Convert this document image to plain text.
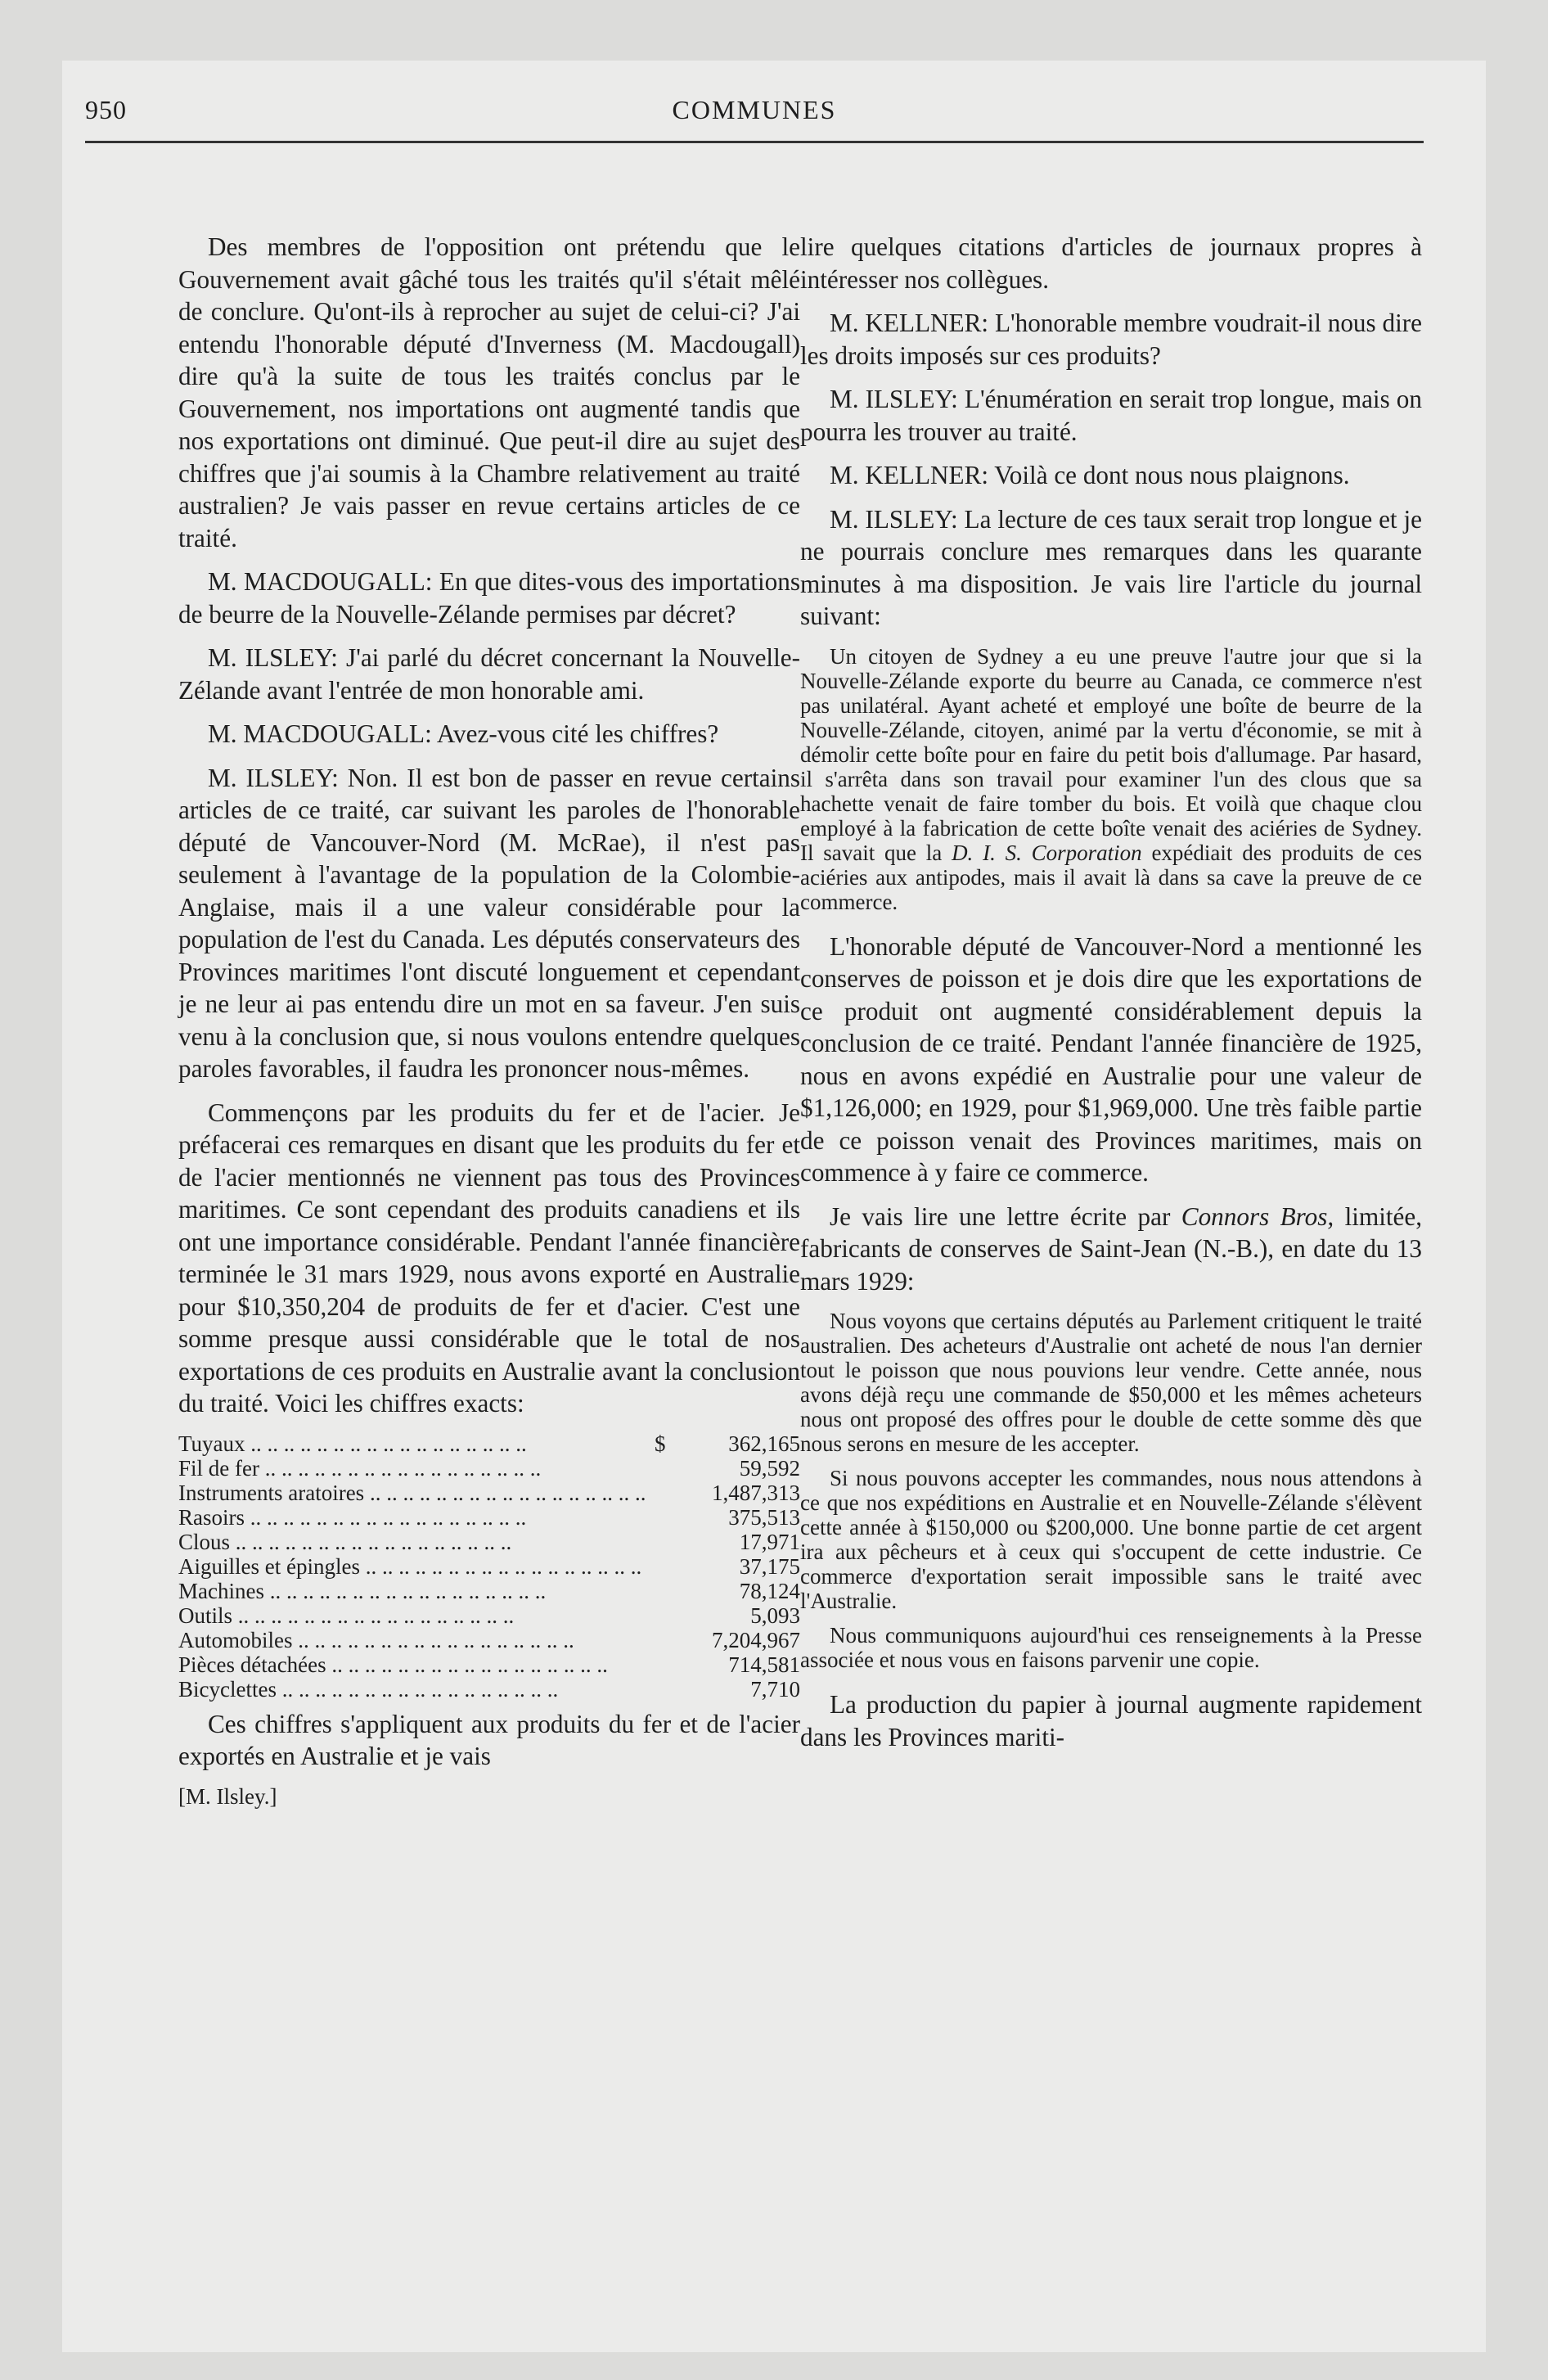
950	COMMUNES

Des membres de l'opposition ont prétendu que le Gouvernement avait gâché tous les traités qu'il s'était mêlé de conclure. Qu'ont-ils à reprocher au sujet de celui-ci? J'ai entendu l'honorable député d'Inverness (M. Macdougall) dire qu'à la suite de tous les traités conclus par le Gouvernement, nos importations ont augmenté tandis que nos exportations ont diminué. Que peut-il dire au sujet des chiffres que j'ai soumis à la Chambre relativement au traité australien? Je vais passer en revue certains articles de ce traité.

M. MACDOUGALL: En que dites-vous des importations de beurre de la Nouvelle-Zélande permises par décret?

M. ILSLEY: J'ai parlé du décret concernant la Nouvelle-Zélande avant l'entrée de mon honorable ami.

M. MACDOUGALL: Avez-vous cité les chiffres?

M. ILSLEY: Non. Il est bon de passer en revue certains articles de ce traité, car suivant les paroles de l'honorable député de Vancouver-Nord (M. McRae), il n'est pas seulement à l'avantage de la population de la Colombie-Anglaise, mais il a une valeur considérable pour la population de l'est du Canada. Les députés conservateurs des Provinces maritimes l'ont discuté longuement et cependant je ne leur ai pas entendu dire un mot en sa faveur. J'en suis venu à la conclusion que, si nous voulons entendre quelques paroles favorables, il faudra les prononcer nous-mêmes.

Commençons par les produits du fer et de l'acier. Je préfacerai ces remarques en disant que les produits du fer et de l'acier mentionnés ne viennent pas tous des Provinces maritimes. Ce sont cependant des produits canadiens et ils ont une importance considérable. Pendant l'année financière terminée le 31 mars 1929, nous avons exporté en Australie pour $10,350,204 de produits de fer et d'acier. C'est une somme presque aussi considérable que le total de nos exportations de ces produits en Australie avant la conclusion du traité. Voici les chiffres exacts:

Tuyaux .. ..	$	362,165
Fil de fer .. ..		59,592
Instruments aratoires .. ..		1,487,313
Rasoirs .. ..		375,513
Clous .. ..		17,971
Aiguilles et épingles .. ..		37,175
Machines .. ..		78,124
Outils .. ..		5,093
Automobiles .. ..		7,204,967
Pièces détachées .. ..		714,581
Bicyclettes .. ..		7,710

Ces chiffres s'appliquent aux produits du fer et de l'acier exportés en Australie et je vais

[M. Ilsley.]

lire quelques citations d'articles de journaux propres à intéresser nos collègues.

M. KELLNER: L'honorable membre voudrait-il nous dire les droits imposés sur ces produits?

M. ILSLEY: L'énumération en serait trop longue, mais on pourra les trouver au traité.

M. KELLNER: Voilà ce dont nous nous plaignons.

M. ILSLEY: La lecture de ces taux serait trop longue et je ne pourrais conclure mes remarques dans les quarante minutes à ma disposition. Je vais lire l'article du journal suivant:

Un citoyen de Sydney a eu une preuve l'autre jour que si la Nouvelle-Zélande exporte du beurre au Canada, ce commerce n'est pas unilatéral. Ayant acheté et employé une boîte de beurre de la Nouvelle-Zélande, citoyen, animé par la vertu d'économie, se mit à démolir cette boîte pour en faire du petit bois d'allumage. Par hasard, il s'arrêta dans son travail pour examiner l'un des clous que sa hachette venait de faire tomber du bois. Et voilà que chaque clou employé à la fabrication de cette boîte venait des aciéries de Sydney. Il savait que la D. I. S. Corporation expédiait des produits de ces aciéries aux antipodes, mais il avait là dans sa cave la preuve de ce commerce.

L'honorable député de Vancouver-Nord a mentionné les conserves de poisson et je dois dire que les exportations de ce produit ont augmenté considérablement depuis la conclusion de ce traité. Pendant l'année financière de 1925, nous en avons expédié en Australie pour une valeur de $1,126,000; en 1929, pour $1,969,000. Une très faible partie de ce poisson venait des Provinces maritimes, mais on commence à y faire ce commerce.

Je vais lire une lettre écrite par Connors Bros, limitée, fabricants de conserves de Saint-Jean (N.-B.), en date du 13 mars 1929:

Nous voyons que certains députés au Parlement critiquent le traité australien. Des acheteurs d'Australie ont acheté de nous l'an dernier tout le poisson que nous pouvions leur vendre. Cette année, nous avons déjà reçu une commande de $50,000 et les mêmes acheteurs nous ont proposé des offres pour le double de cette somme dès que nous serons en mesure de les accepter.

Si nous pouvons accepter les commandes, nous nous attendons à ce que nos expéditions en Australie et en Nouvelle-Zélande s'élèvent cette année à $150,000 ou $200,000. Une bonne partie de cet argent ira aux pêcheurs et à ceux qui s'occupent de cette industrie. Ce commerce d'exportation serait impossible sans le traité avec l'Australie.

Nous communiquons aujourd'hui ces renseignements à la Presse associée et nous vous en faisons parvenir une copie.

La production du papier à journal augmente rapidement dans les Provinces mariti-
